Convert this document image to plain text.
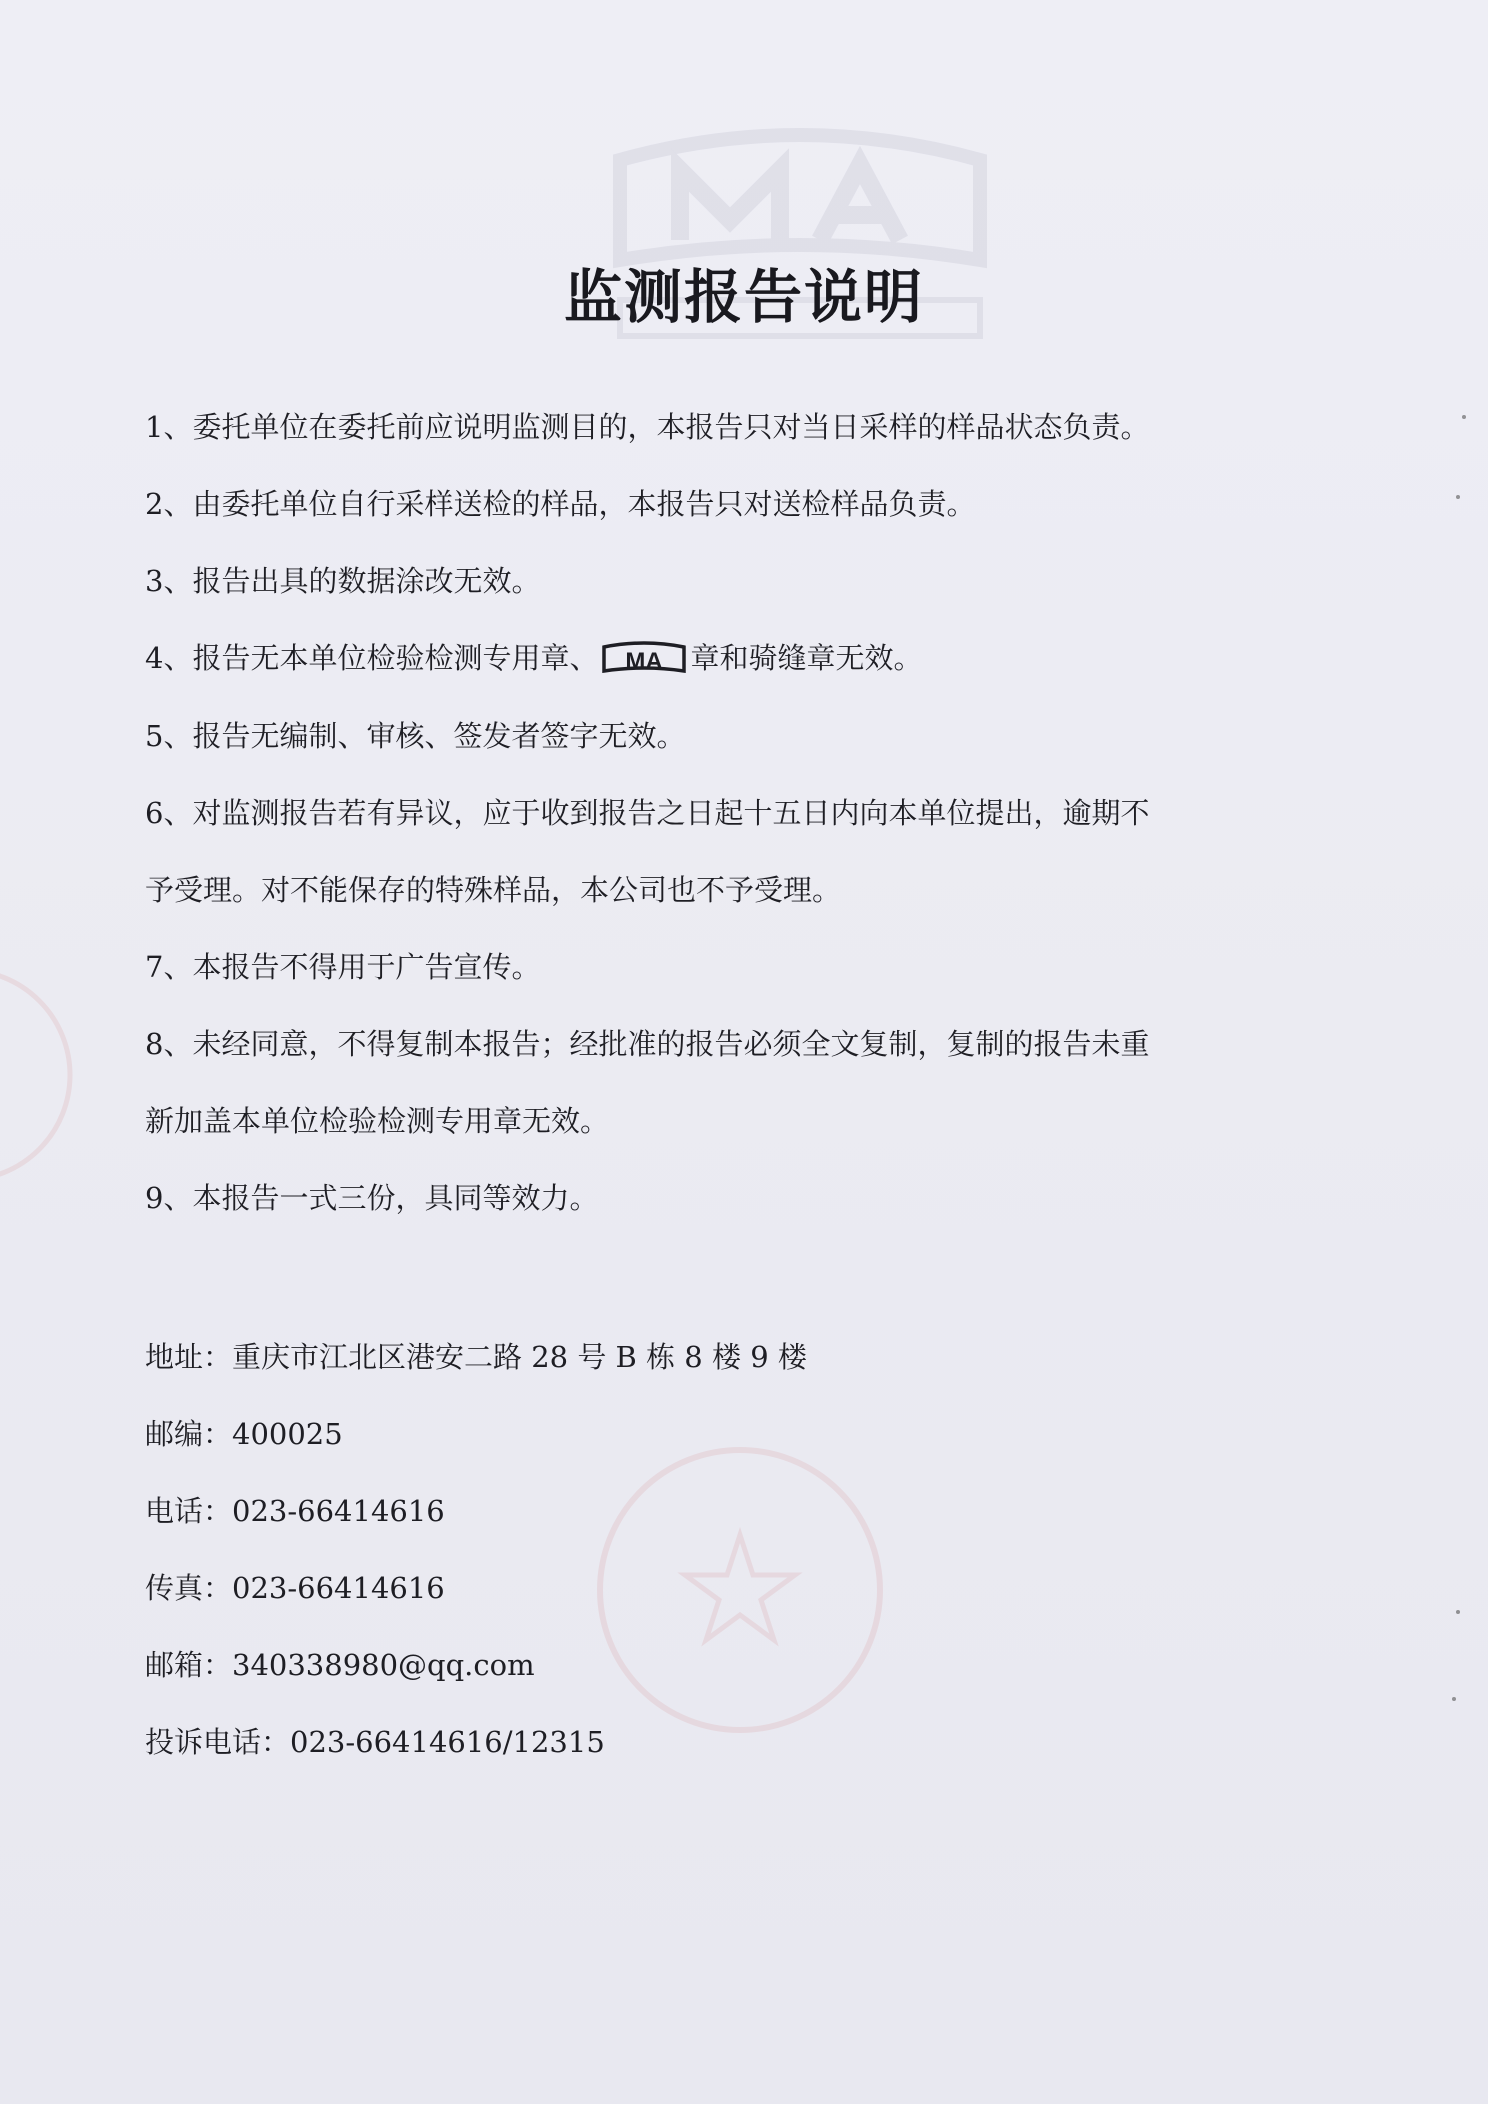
监测报告说明
1、委托单位在委托前应说明监测目的，本报告只对当日采样的样品状态负责。
2、由委托单位自行采样送检的样品，本报告只对送检样品负责。
3、报告出具的数据涂改无效。
4、报告无本单位检验检测专用章、 MA 章和骑缝章无效。
5、报告无编制、审核、签发者签字无效。
6、对监测报告若有异议，应于收到报告之日起十五日内向本单位提出，逾期不
予受理。对不能保存的特殊样品，本公司也不予受理。
7、本报告不得用于广告宣传。
8、未经同意，不得复制本报告；经批准的报告必须全文复制，复制的报告未重
新加盖本单位检验检测专用章无效。
9、本报告一式三份，具同等效力。
地址：重庆市江北区港安二路 28 号 B 栋 8 楼 9 楼
邮编：400025
电话：023-66414616
传真：023-66414616
邮箱：340338980@qq.com
投诉电话：023-66414616/12315
